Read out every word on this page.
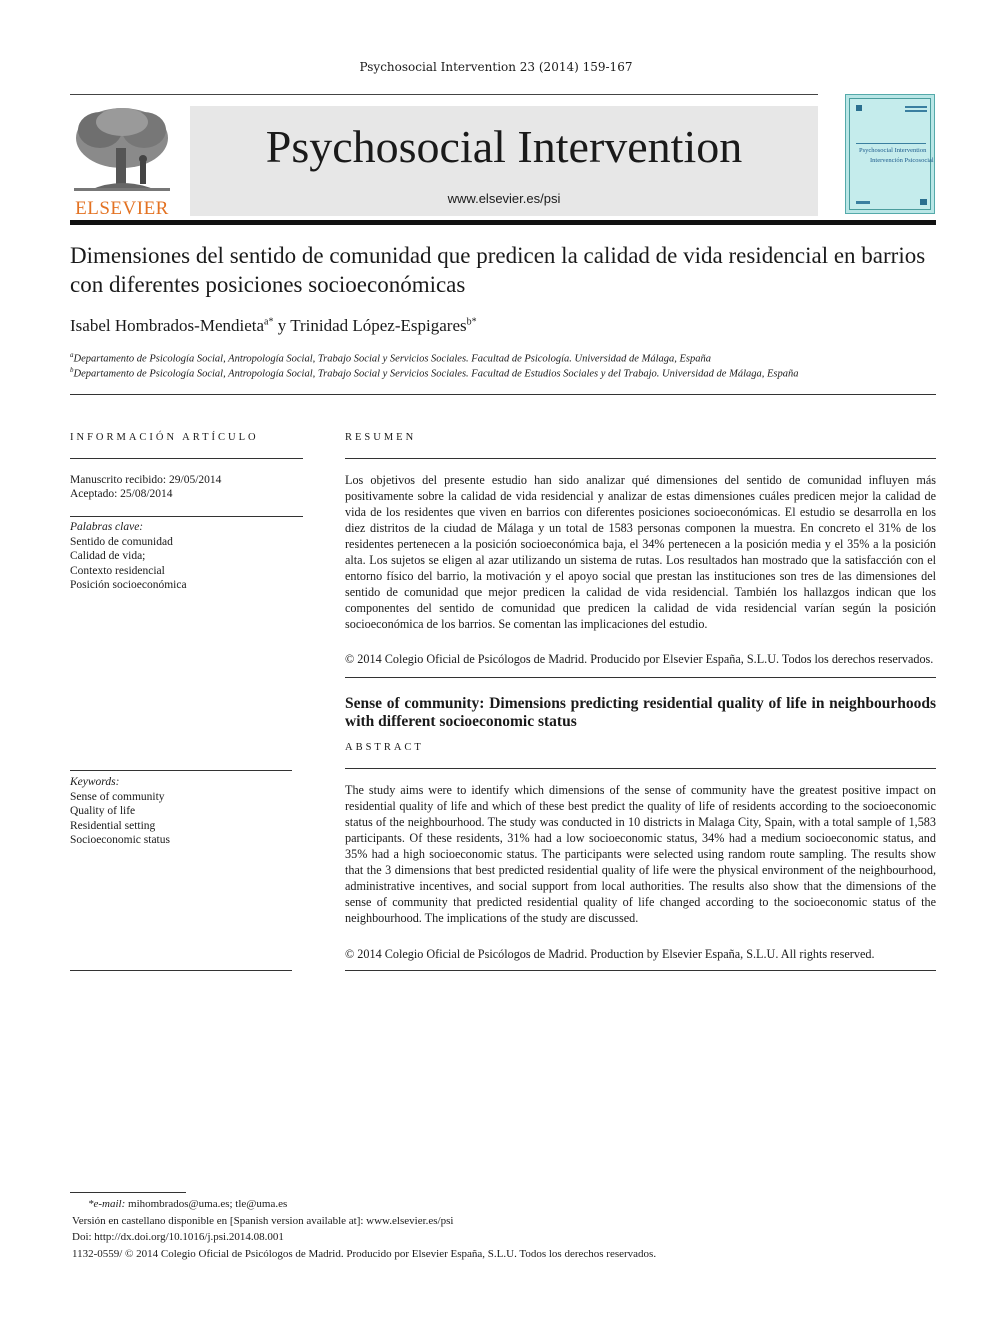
Psychosocial Intervention 23 (2014) 159-167
ELSEVIER
Psychosocial Intervention
www.elsevier.es/psi
Psychosocial Intervention
Intervención Psicosocial
Dimensiones del sentido de comunidad que predicen la calidad de vida residencial en barrios con diferentes posiciones socioeconómicas
Isabel Hombrados-Mendieta$^{a*}$ y Trinidad López-Espigares$^{b*}$
$^a$Departamento de Psicología Social, Antropología Social, Trabajo Social y Servicios Sociales. Facultad de Psicología. Universidad de Málaga, España
$^b$Departamento de Psicología Social, Antropología Social, Trabajo Social y Servicios Sociales. Facultad de Estudios Sociales y del Trabajo. Universidad de Málaga, España
INFORMACIÓN ARTÍCULO
Manuscrito recibido: 29/05/2014
Aceptado: 25/08/2014
Palabras clave:
Sentido de comunidad
Calidad de vida;
Contexto residencial
Posición socioeconómica
Keywords:
Sense of community
Quality of life
Residential setting
Socioeconomic status
RESUMEN
Los objetivos del presente estudio han sido analizar qué dimensiones del sentido de comunidad influyen más positivamente sobre la calidad de vida residencial y analizar de estas dimensiones cuáles predicen mejor la calidad de vida de los residentes que viven en barrios con diferentes posiciones socioeconómicas. El estudio se desarrolla en los diez distritos de la ciudad de Málaga y un total de 1583 personas componen la muestra. En concreto el 31% de los residentes pertenecen a la posición socioeconómica baja, el 34% pertenecen a la posición media y el 35% a la posición alta. Los sujetos se eligen al azar utilizando un sistema de rutas. Los resultados han mostrado que la satisfacción con el entorno físico del barrio, la motivación y el apoyo social que prestan las instituciones son tres de las dimensiones del sentido de comunidad que mejor predicen la calidad de vida residencial. También los hallazgos indican que los componentes del sentido de comunidad que predicen la calidad de vida residencial varían según la posición socioeconómica de los barrios. Se comentan las implicaciones del estudio.
© 2014 Colegio Oficial de Psicólogos de Madrid. Producido por Elsevier España, S.L.U. Todos los derechos reservados.
Sense of community: Dimensions predicting residential quality of life in neighbourhoods with different socioeconomic status
ABSTRACT
The study aims were to identify which dimensions of the sense of community have the greatest positive impact on residential quality of life and which of these best predict the quality of life of residents according to the socioeconomic status of the neighbourhood. The study was conducted in 10 districts in Malaga City, Spain, with a total sample of 1,583 participants. Of these residents, 31% had a low socioeconomic status, 34% had a medium socioeconomic status, and 35% had a high socioeconomic status. The participants were selected using random route sampling. The results show that the 3 dimensions that best predicted residential quality of life were the physical environment of the neighbourhood, administrative incentives, and social support from local authorities. The results also show that the dimensions of the sense of community that predicted residential quality of life changed according to the socioeconomic status of the neighbourhood. The implications of the study are discussed.
© 2014 Colegio Oficial de Psicólogos de Madrid. Production by Elsevier España, S.L.U. All rights reserved.
*e-mail: mihombrados@uma.es; tle@uma.es
Versión en castellano disponible en [Spanish version available at]: www.elsevier.es/psi
Doi: http://dx.doi.org/10.1016/j.psi.2014.08.001
1132-0559/ © 2014 Colegio Oficial de Psicólogos de Madrid. Producido por Elsevier España, S.L.U. Todos los derechos reservados.
